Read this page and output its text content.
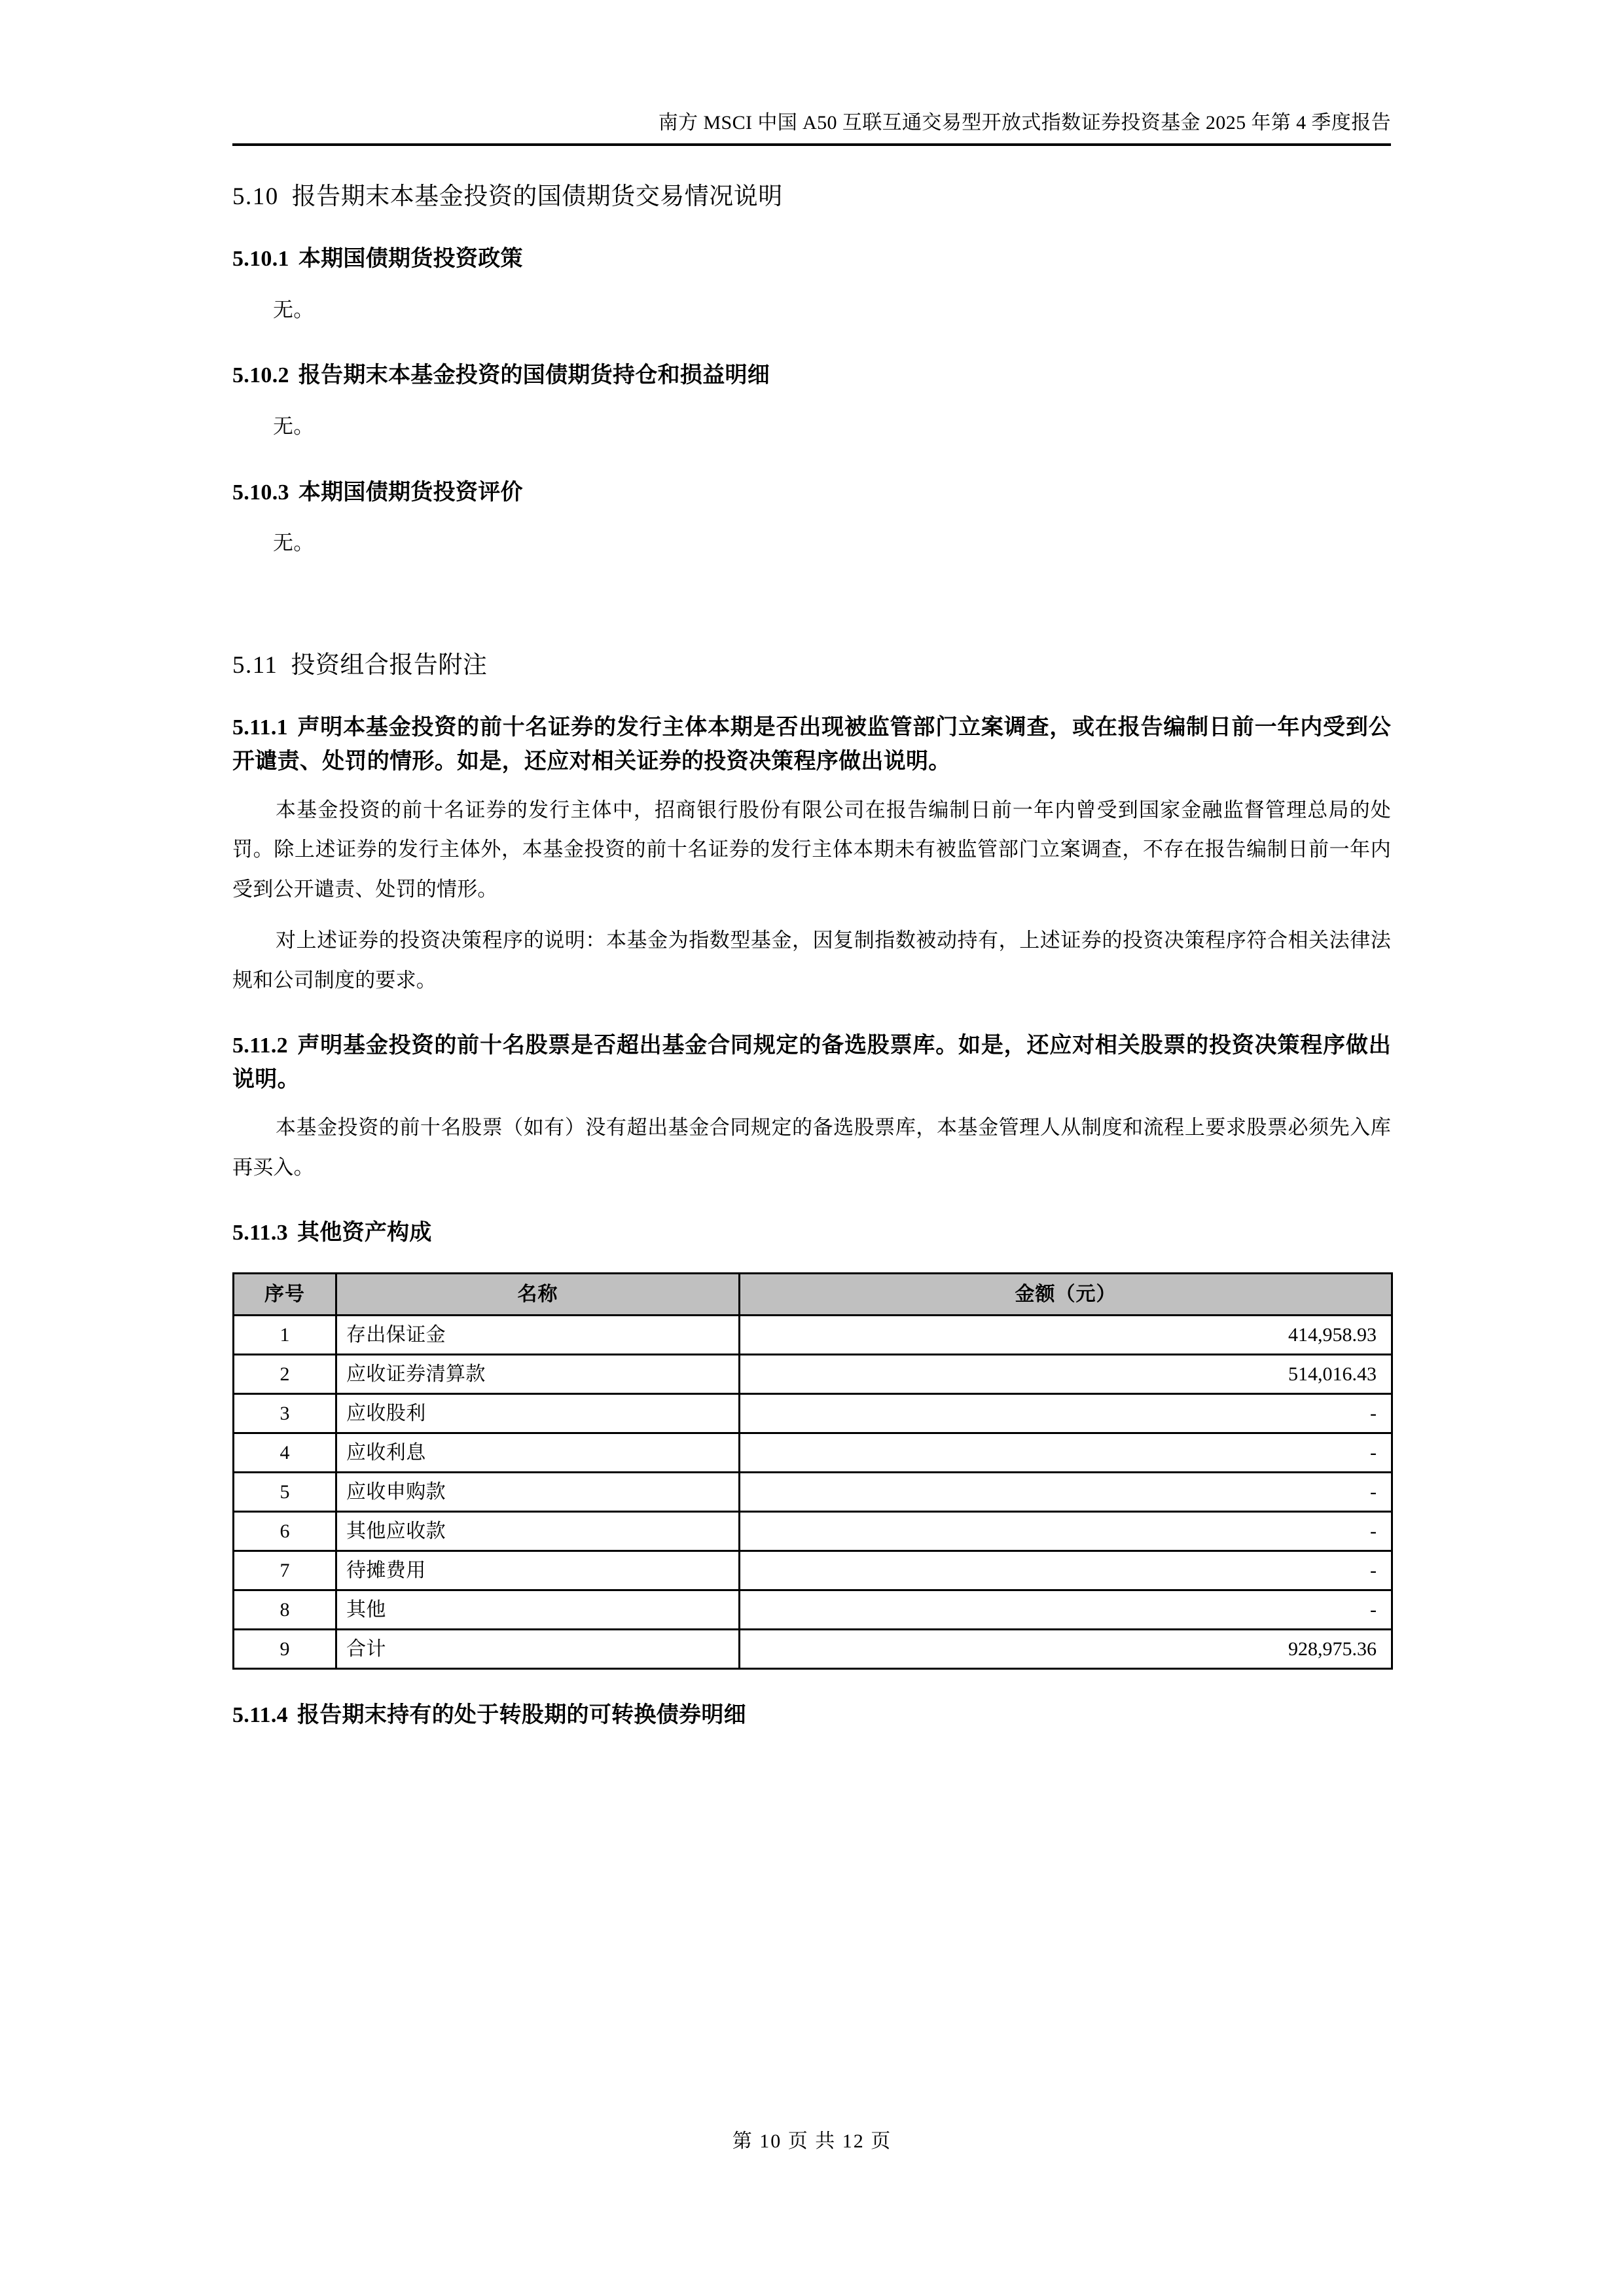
南方 MSCI 中国 A50 互联互通交易型开放式指数证券投资基金 2025 年第 4 季度报告
5.10 报告期末本基金投资的国债期货交易情况说明
5.10.1 本期国债期货投资政策

无。

5.10.2 报告期末本基金投资的国债期货持仓和损益明细

无。

5.10.3 本期国债期货投资评价

无。

5.11 投资组合报告附注
5.11.1 声明本基金投资的前十名证券的发行主体本期是否出现被监管部门立案调查，或在报告编制日前一年内受到公开谴责、处罚的情形。如是，还应对相关证券的投资决策程序做出说明。

本基金投资的前十名证券的发行主体中，招商银行股份有限公司在报告编制日前一年内曾受到国家金融监督管理总局的处罚。除上述证券的发行主体外，本基金投资的前十名证券的发行主体本期未有被监管部门立案调查，不存在报告编制日前一年内受到公开谴责、处罚的情形。

对上述证券的投资决策程序的说明：本基金为指数型基金，因复制指数被动持有，上述证券的投资决策程序符合相关法律法规和公司制度的要求。

5.11.2 声明基金投资的前十名股票是否超出基金合同规定的备选股票库。如是，还应对相关股票的投资决策程序做出说明。

本基金投资的前十名股票（如有）没有超出基金合同规定的备选股票库，本基金管理人从制度和流程上要求股票必须先入库再买入。

5.11.3 其他资产构成
序号	名称	金额（元）
1	存出保证金	414,958.93
2	应收证券清算款	514,016.43
3	应收股利	-
4	应收利息	-
5	应收申购款	-
6	其他应收款	-
7	待摊费用	-
8	其他	-
9	合计	928,975.36
5.11.4 报告期末持有的处于转股期的可转换债券明细
第 10 页 共 12 页
